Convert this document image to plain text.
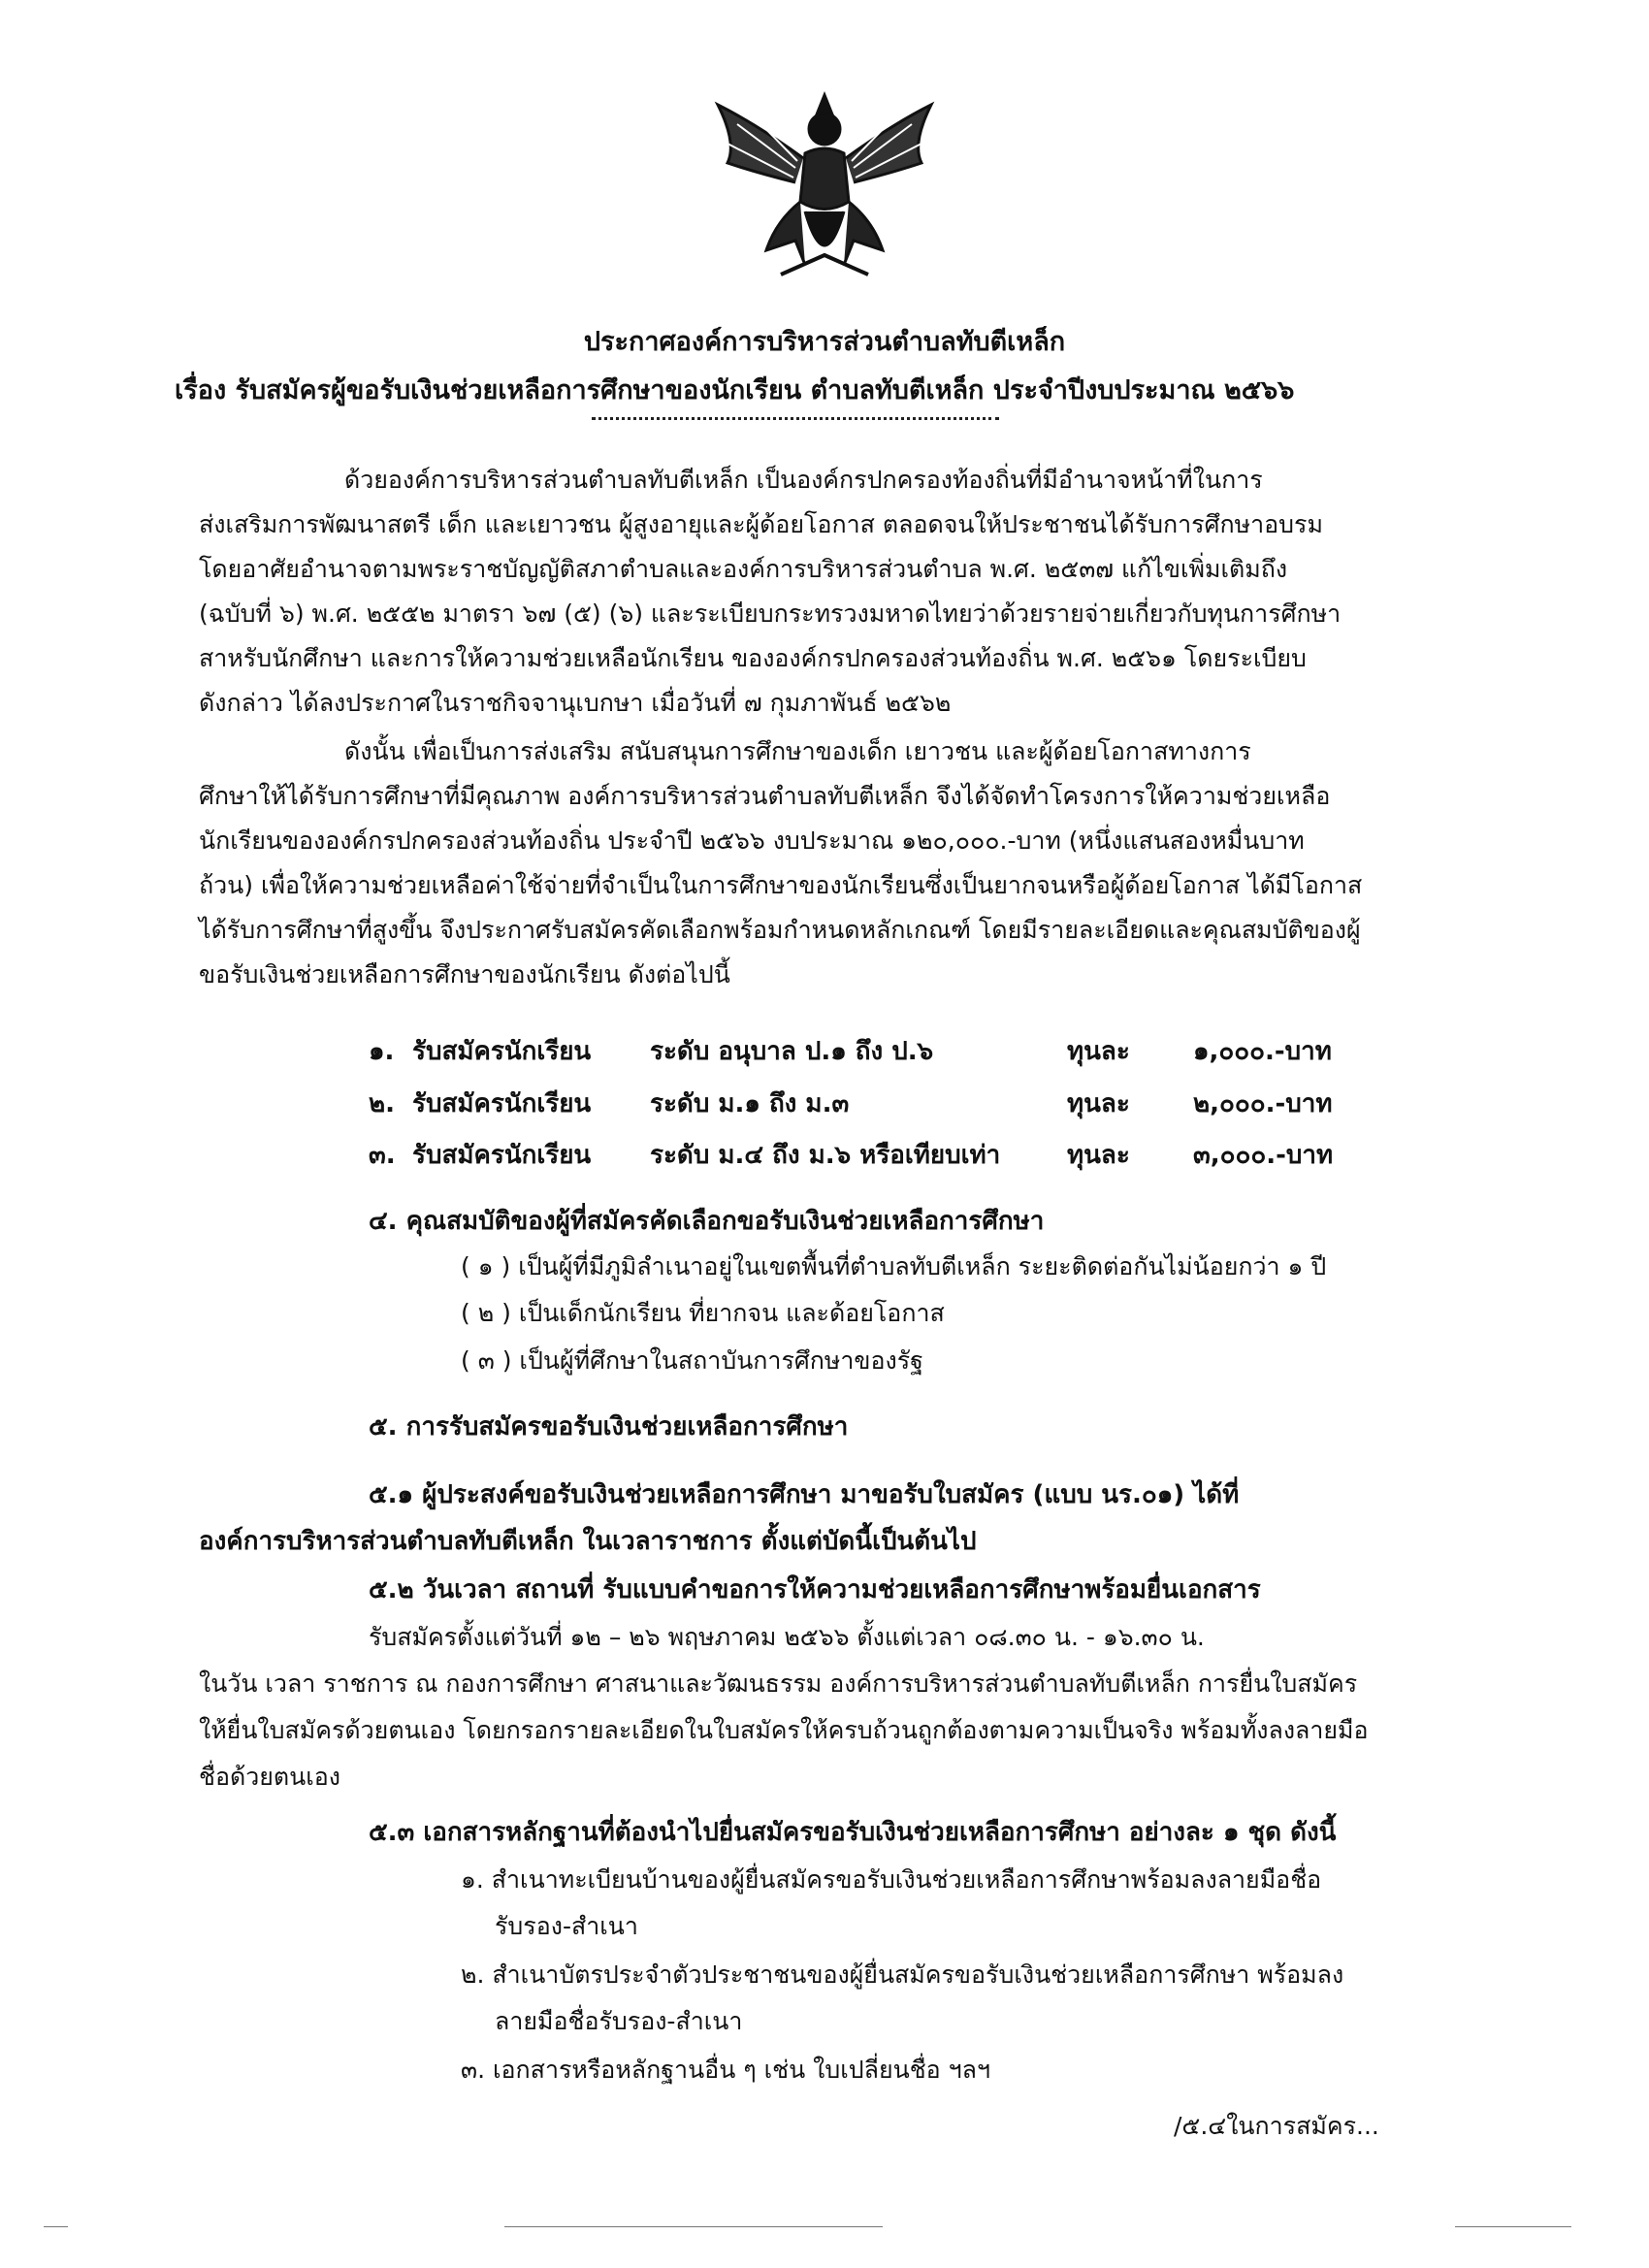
ประกาศองค์การบริหารส่วนตำบลทับตีเหล็ก
เรื่อง รับสมัครผู้ขอรับเงินช่วยเหลือการศึกษาของนักเรียน ตำบลทับตีเหล็ก ประจำปีงบประมาณ ๒๕๖๖
ด้วยองค์การบริหารส่วนตำบลทับตีเหล็ก เป็นองค์กรปกครองท้องถิ่นที่มีอำนาจหน้าที่ในการ
ส่งเสริมการพัฒนาสตรี เด็ก และเยาวชน ผู้สูงอายุและผู้ด้อยโอกาส ตลอดจนให้ประชาชนได้รับการศึกษาอบรม
โดยอาศัยอำนาจตามพระราชบัญญัติสภาตำบลและองค์การบริหารส่วนตำบล พ.ศ. ๒๕๓๗ แก้ไขเพิ่มเติมถึง
(ฉบับที่ ๖) พ.ศ. ๒๕๕๒ มาตรา ๖๗ (๕) (๖) และระเบียบกระทรวงมหาดไทยว่าด้วยรายจ่ายเกี่ยวกับทุนการศึกษา
สาหรับนักศึกษา และการให้ความช่วยเหลือนักเรียน ขององค์กรปกครองส่วนท้องถิ่น พ.ศ. ๒๕๖๑ โดยระเบียบ
ดังกล่าว ได้ลงประกาศในราชกิจจานุเบกษา เมื่อวันที่ ๗ กุมภาพันธ์ ๒๕๖๒
ดังนั้น เพื่อเป็นการส่งเสริม สนับสนุนการศึกษาของเด็ก เยาวชน และผู้ด้อยโอกาสทางการ
ศึกษาให้ได้รับการศึกษาที่มีคุณภาพ องค์การบริหารส่วนตำบลทับตีเหล็ก จึงได้จัดทำโครงการให้ความช่วยเหลือ
นักเรียนขององค์กรปกครองส่วนท้องถิ่น ประจำปี ๒๕๖๖ งบประมาณ ๑๒๐,๐๐๐.-บาท (หนึ่งแสนสองหมื่นบาท
ถ้วน) เพื่อให้ความช่วยเหลือค่าใช้จ่ายที่จำเป็นในการศึกษาของนักเรียนซึ่งเป็นยากจนหรือผู้ด้อยโอกาส ได้มีโอกาส
ได้รับการศึกษาที่สูงขึ้น จึงประกาศรับสมัครคัดเลือกพร้อมกำหนดหลักเกณฑ์ โดยมีรายละเอียดและคุณสมบัติของผู้
ขอรับเงินช่วยเหลือการศึกษาของนักเรียน ดังต่อไปนี้
๑. รับสมัครนักเรียน ระดับ อนุบาล ป.๑ ถึง ป.๖	ทุนละ	๑,๐๐๐.-บาท
๒. รับสมัครนักเรียน ระดับ ม.๑ ถึง ม.๓	ทุนละ	๒,๐๐๐.-บาท
๓. รับสมัครนักเรียน ระดับ ม.๔ ถึง ม.๖ หรือเทียบเท่า	ทุนละ	๓,๐๐๐.-บาท
๔. คุณสมบัติของผู้ที่สมัครคัดเลือกขอรับเงินช่วยเหลือการศึกษา
( ๑ ) เป็นผู้ที่มีภูมิลำเนาอยู่ในเขตพื้นที่ตำบลทับตีเหล็ก ระยะติดต่อกันไม่น้อยกว่า ๑ ปี
( ๒ ) เป็นเด็กนักเรียน ที่ยากจน และด้อยโอกาส
( ๓ ) เป็นผู้ที่ศึกษาในสถาบันการศึกษาของรัฐ
๕. การรับสมัครขอรับเงินช่วยเหลือการศึกษา
๕.๑ ผู้ประสงค์ขอรับเงินช่วยเหลือการศึกษา มาขอรับใบสมัคร (แบบ นร.๐๑) ได้ที่
องค์การบริหารส่วนตำบลทับตีเหล็ก ในเวลาราชการ ตั้งแต่บัดนี้เป็นต้นไป
๕.๒ วันเวลา สถานที่ รับแบบคำขอการให้ความช่วยเหลือการศึกษาพร้อมยื่นเอกสาร
รับสมัครตั้งแต่วันที่ ๑๒ – ๒๖ พฤษภาคม ๒๕๖๖ ตั้งแต่เวลา ๐๘.๓๐ น. - ๑๖.๓๐ น.
ในวัน เวลา ราชการ ณ กองการศึกษา ศาสนาและวัฒนธรรม องค์การบริหารส่วนตำบลทับตีเหล็ก การยื่นใบสมัคร
ให้ยื่นใบสมัครด้วยตนเอง โดยกรอกรายละเอียดในใบสมัครให้ครบถ้วนถูกต้องตามความเป็นจริง พร้อมทั้งลงลายมือ
ชื่อด้วยตนเอง
๕.๓ เอกสารหลักฐานที่ต้องนำไปยื่นสมัครขอรับเงินช่วยเหลือการศึกษา อย่างละ ๑ ชุด ดังนี้
๑. สำเนาทะเบียนบ้านของผู้ยื่นสมัครขอรับเงินช่วยเหลือการศึกษาพร้อมลงลายมือชื่อ
รับรอง-สำเนา
๒. สำเนาบัตรประจำตัวประชาชนของผู้ยื่นสมัครขอรับเงินช่วยเหลือการศึกษา พร้อมลง
ลายมือชื่อรับรอง-สำเนา
๓. เอกสารหรือหลักฐานอื่น ๆ เช่น ใบเปลี่ยนชื่อ ฯลฯ
/๕.๔ในการสมัคร...
